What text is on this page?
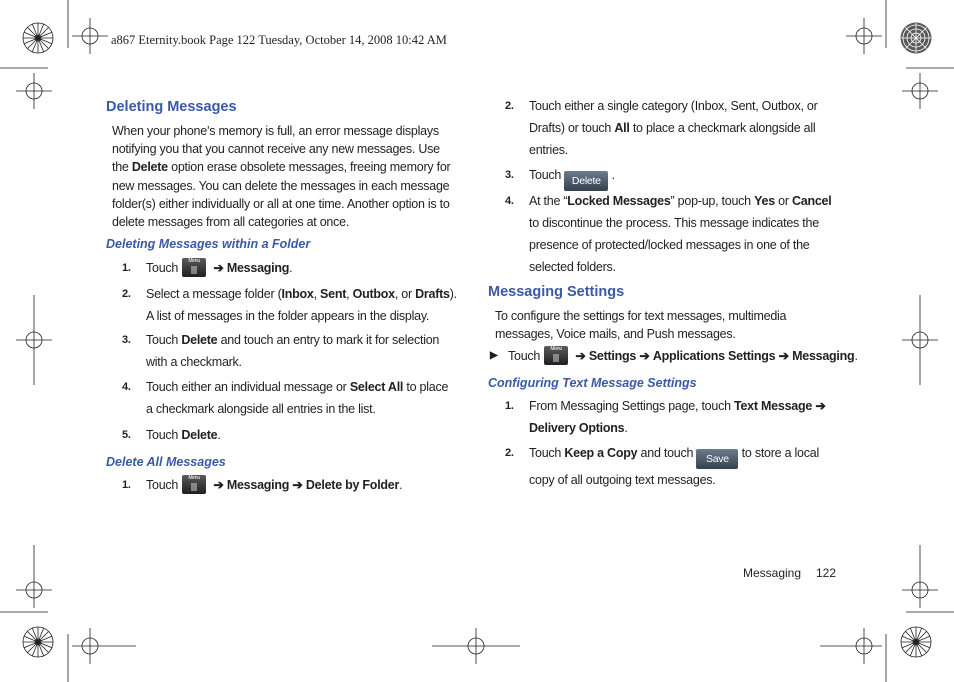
a867 Eternity.book Page 122 Tuesday, October 14, 2008 10:42 AM
Deleting Messages
When your phone’s memory is full, an error message displays notifying you that you cannot receive any new messages. Use the Delete option erase obsolete messages, freeing memory for new messages. You can delete the messages in each message folder(s) either individually or all at one time. Another option is to delete messages from all categories at once.
Deleting Messages within a Folder
1. Touch	Menu	➔ Messaging.
2. Select a message folder (Inbox, Sent, Outbox, or Drafts). A list of messages in the folder appears in the display.
3. Touch Delete and touch an entry to mark it for selection with a checkmark.
4. Touch either an individual message or Select All to place a checkmark alongside all entries in the list.
5. Touch Delete.
Delete All Messages
1. Touch	Menu	➔ Messaging ➔ Delete by Folder.
2. Touch either a single category (Inbox, Sent, Outbox, or Drafts) or touch All to place a checkmark alongside all entries.
3. Touch Delete .
4. At the “Locked Messages” pop-up, touch Yes or Cancel to discontinue the process. This message indicates the presence of protected/locked messages in one of the selected folders.
Messaging Settings
To configure the settings for text messages, multimedia messages, Voice mails, and Push messages.
▶ Touch	Menu	➔ Settings ➔ Applications Settings ➔ Messaging.
Configuring Text Message Settings
1. From Messaging Settings page, touch Text Message ➔ Delivery Options.
2. Touch Keep a Copy and touch Save to store a local copy of all outgoing text messages.
Messaging 122
